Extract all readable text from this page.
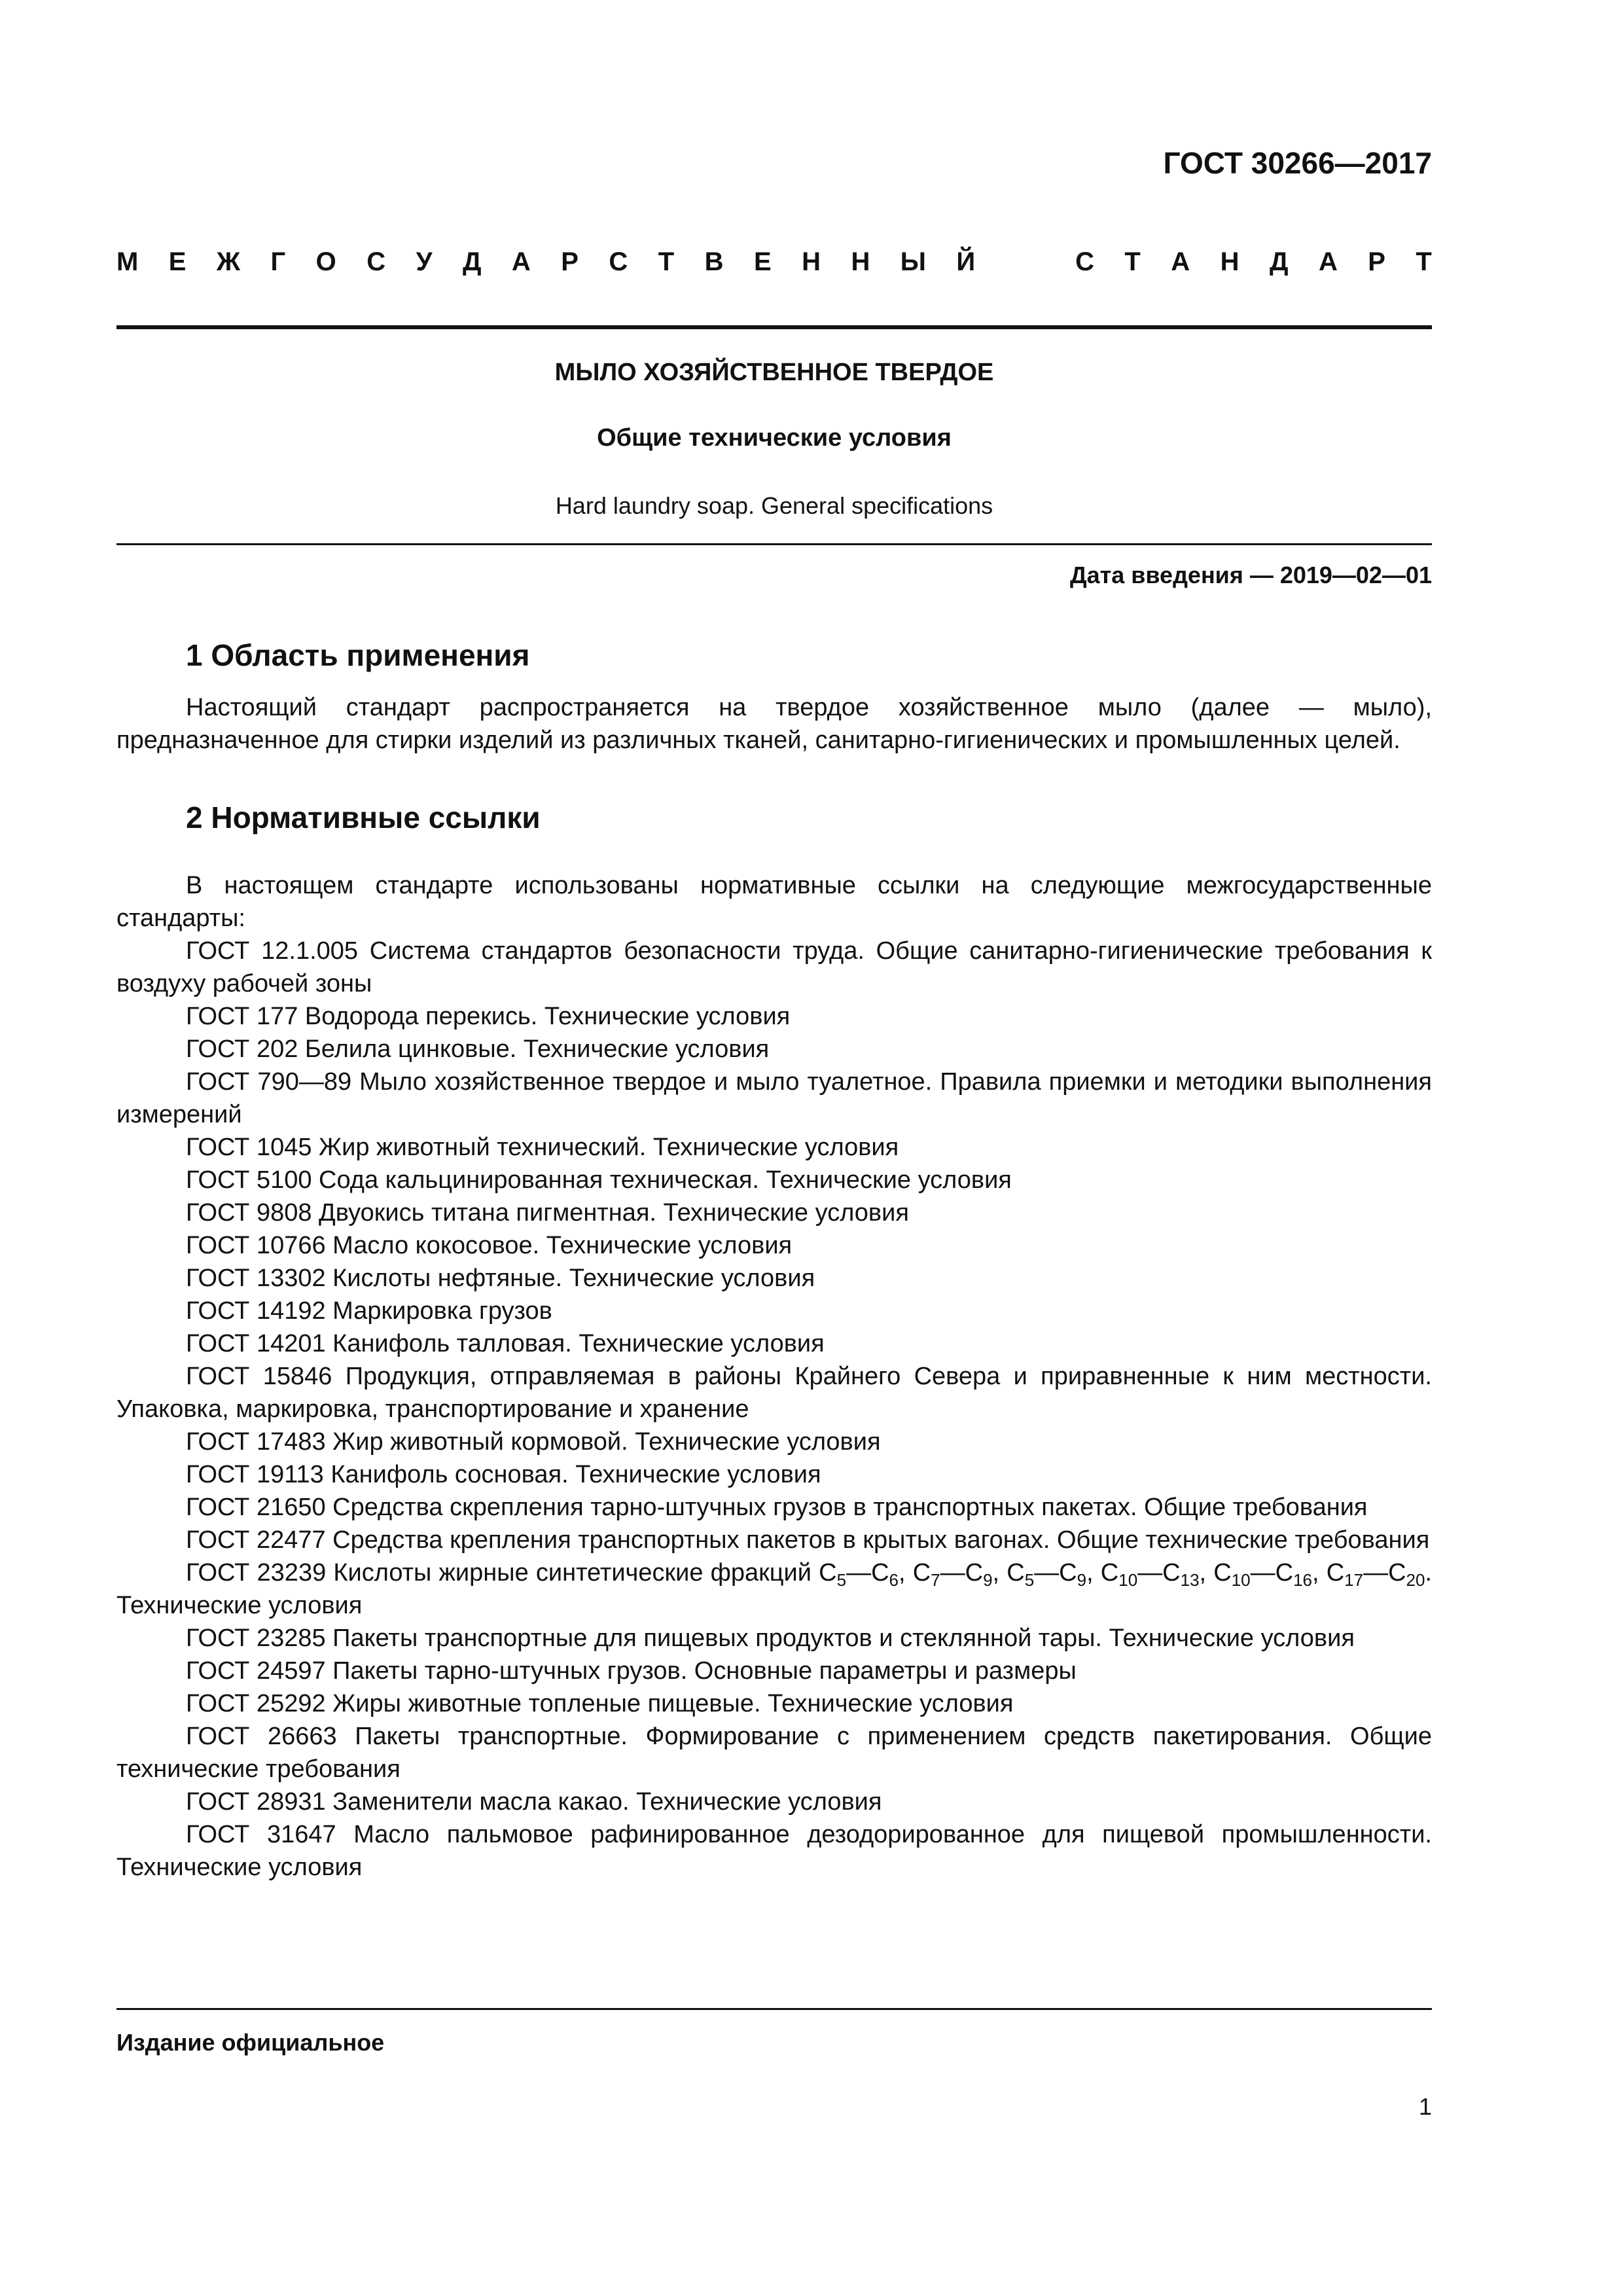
ГОСТ 30266—2017
М Е Ж Г О С У Д А Р С Т В Е Н Н Ы Й	С Т А Н Д А Р Т
МЫЛО ХОЗЯЙСТВЕННОЕ ТВЕРДОЕ
Общие технические условия
Hard laundry soap. General specifications
Дата введения — 2019—02—01
1 Область применения
Настоящий стандарт распространяется на твердое хозяйственное мыло (далее — мыло), предназначенное для стирки изделий из различных тканей, санитарно-гигиенических и промышленных целей.
2 Нормативные ссылки

В настоящем стандарте использованы нормативные ссылки на следующие межгосударственные стандарты:

ГОСТ 12.1.005 Система стандартов безопасности труда. Общие санитарно-гигиенические требования к воздуху рабочей зоны

ГОСТ 177 Водорода перекись. Технические условия

ГОСТ 202 Белила цинковые. Технические условия

ГОСТ 790—89 Мыло хозяйственное твердое и мыло туалетное. Правила приемки и методики выполнения измерений

ГОСТ 1045 Жир животный технический. Технические условия

ГОСТ 5100 Сода кальцинированная техническая. Технические условия

ГОСТ 9808 Двуокись титана пигментная. Технические условия

ГОСТ 10766 Масло кокосовое. Технические условия

ГОСТ 13302 Кислоты нефтяные. Технические условия

ГОСТ 14192 Маркировка грузов

ГОСТ 14201 Канифоль талловая. Технические условия

ГОСТ 15846 Продукция, отправляемая в районы Крайнего Севера и приравненные к ним местности. Упаковка, маркировка, транспортирование и хранение

ГОСТ 17483 Жир животный кормовой. Технические условия

ГОСТ 19113 Канифоль сосновая. Технические условия

ГОСТ 21650 Средства скрепления тарно-штучных грузов в транспортных пакетах. Общие требования

ГОСТ 22477 Средства крепления транспортных пакетов в крытых вагонах. Общие технические требования

ГОСТ 23239 Кислоты жирные синтетические фракций $C_5—C_6$, $C_7—C_9$, $C_5—C_9$, $C_{10}—C_{13}$, $C_{10}—C_{16}$, $C_{17}—C_{20}$. Технические условия

ГОСТ 23285 Пакеты транспортные для пищевых продуктов и стеклянной тары. Технические условия

ГОСТ 24597 Пакеты тарно-штучных грузов. Основные параметры и размеры

ГОСТ 25292 Жиры животные топленые пищевые. Технические условия

ГОСТ 26663 Пакеты транспортные. Формирование с применением средств пакетирования. Общие технические требования

ГОСТ 28931 Заменители масла какао. Технические условия

ГОСТ 31647 Масло пальмовое рафинированное дезодорированное для пищевой промышленности. Технические условия

Издание официальное
1
